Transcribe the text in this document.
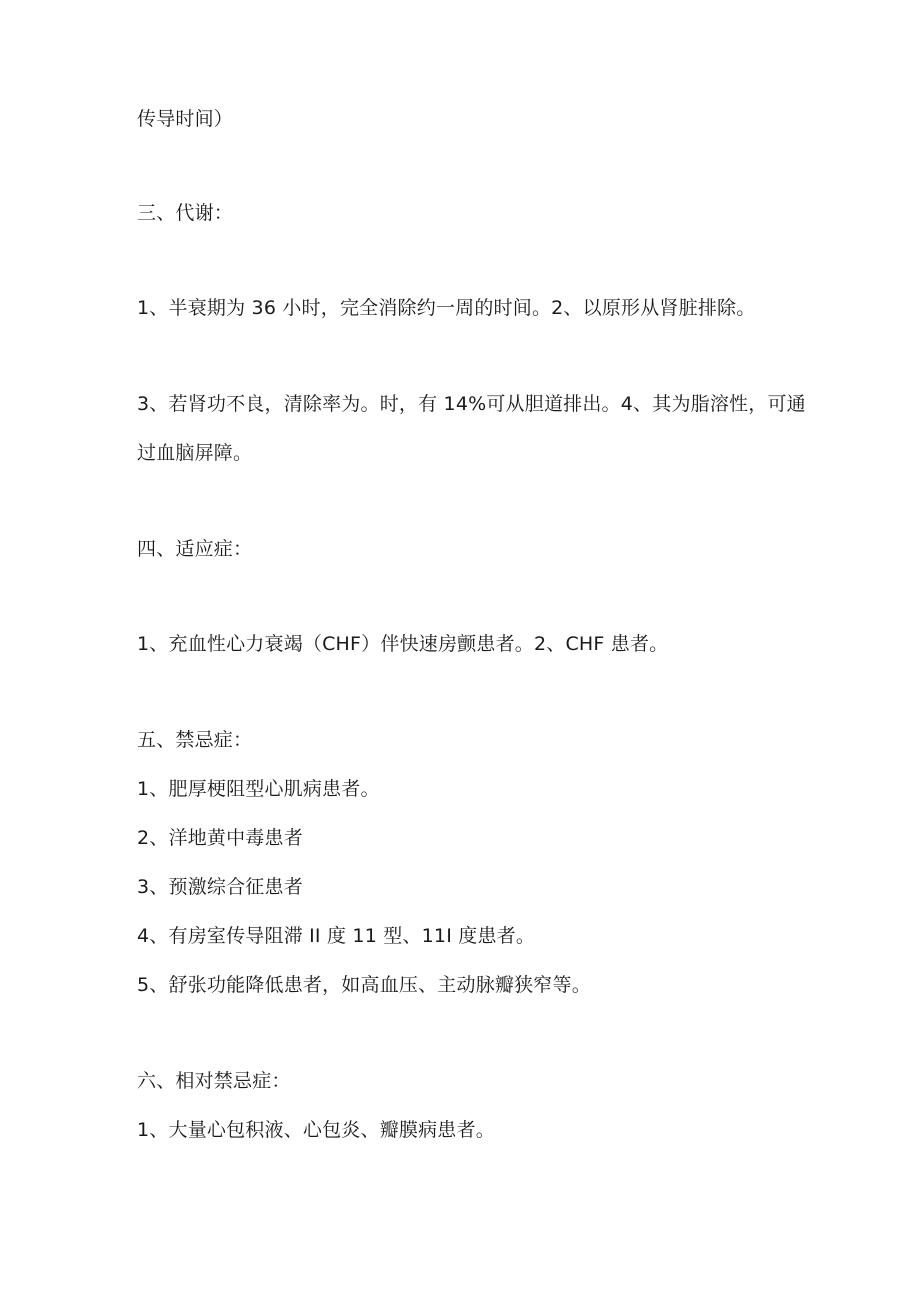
传导时间）
三、代谢：
1、半衰期为 36 小时，完全消除约一周的时间。2、以原形从肾脏排除。
3、若肾功不良，清除率为。时，有 14%可从胆道排出。4、其为脂溶性，可通
过血脑屏障。
四、适应症：
1、充血性心力衰竭（CHF）伴快速房颤患者。2、CHF 患者。
五、禁忌症：
1、肥厚梗阻型心肌病患者。
2、洋地黄中毒患者
3、预激综合征患者
4、有房室传导阻滞 II 度 11 型、11I 度患者。
5、舒张功能降低患者，如高血压、主动脉瓣狭窄等。
六、相对禁忌症：
1、大量心包积液、心包炎、瓣膜病患者。
